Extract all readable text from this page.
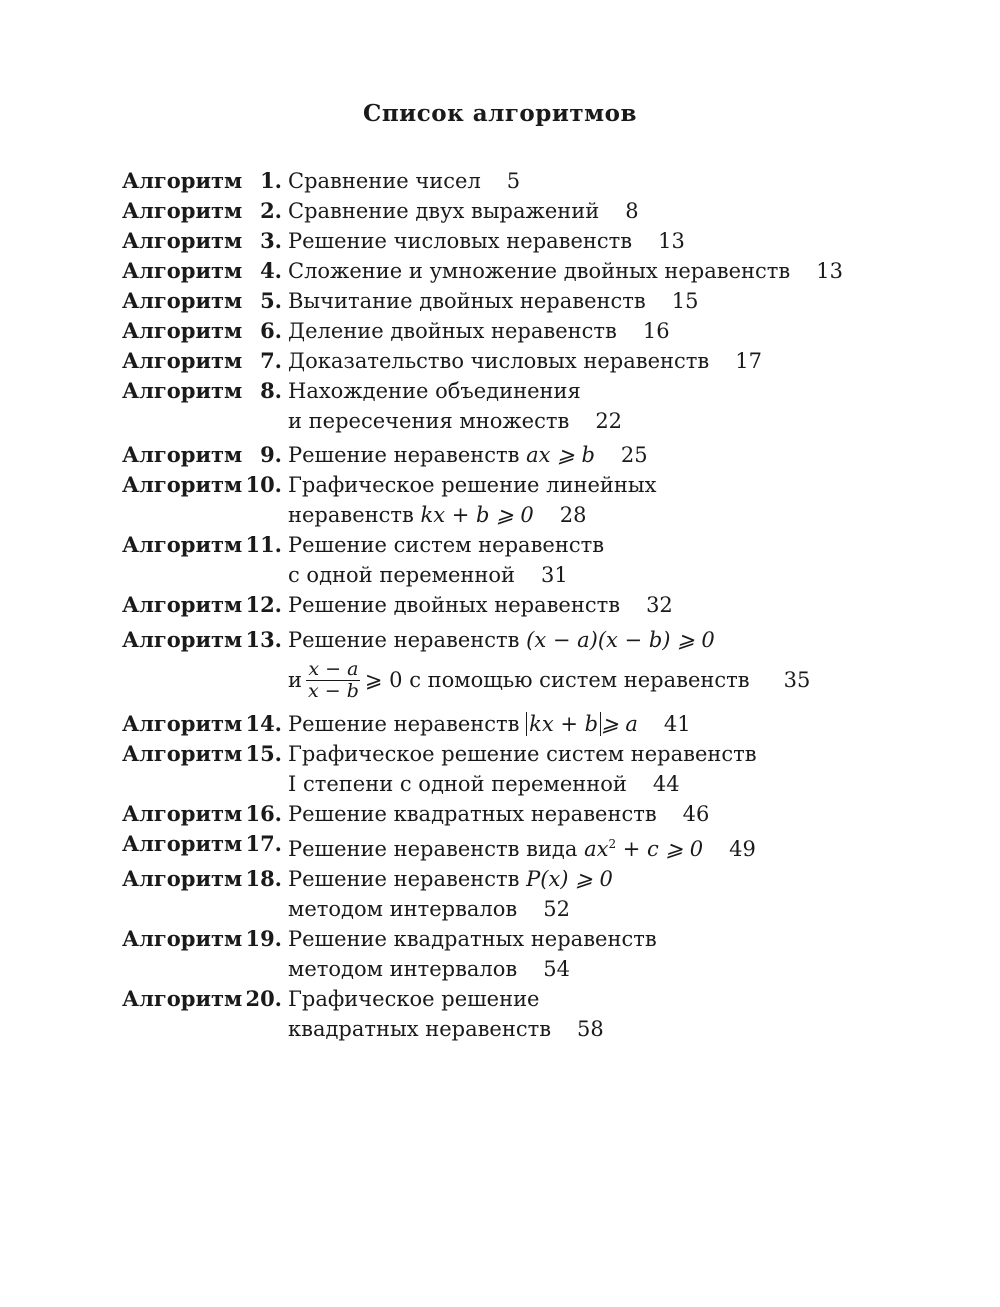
Список алгоритмов
Алгоритм 1. Сравнение чисел 5
Алгоритм 2. Сравнение двух выражений 8
Алгоритм 3. Решение числовых неравенств 13
Алгоритм 4. Сложение и умножение двойных неравенств 13
Алгоритм 5. Вычитание двойных неравенств 15
Алгоритм 6. Деление двойных неравенств 16
Алгоритм 7. Доказательство числовых неравенств 17
Алгоритм 8. Нахождение объединения
и пересечения множеств 22
Алгоритм 9. Решение неравенств ax ⩾ b 25
Алгоритм 10. Графическое решение линейных
неравенств kx + b ⩾ 0 28
Алгоритм 11. Решение систем неравенств
с одной переменной 31
Алгоритм 12. Решение двойных неравенств 32
Алгоритм 13. Решение неравенств (x − a)(x − b) ⩾ 0
и $\frac{x - a}{x - b}$ ⩾ 0
с помощью систем неравенств 35
Алгоритм 14. Решение неравенств kx + b ⩾ a 41
Алгоритм 15. Графическое решение систем неравенств
I степени с одной переменной 44
Алгоритм 16. Решение квадратных неравенств 46
Алгоритм 17. Решение неравенств вида $ax^2 + c$ ⩾ 0 49
Алгоритм 18. Решение неравенств P(x) ⩾ 0
методом интервалов 52
Алгоритм 19. Решение квадратных неравенств
методом интервалов 54
Алгоритм 20. Графическое решение
квадратных неравенств 58
